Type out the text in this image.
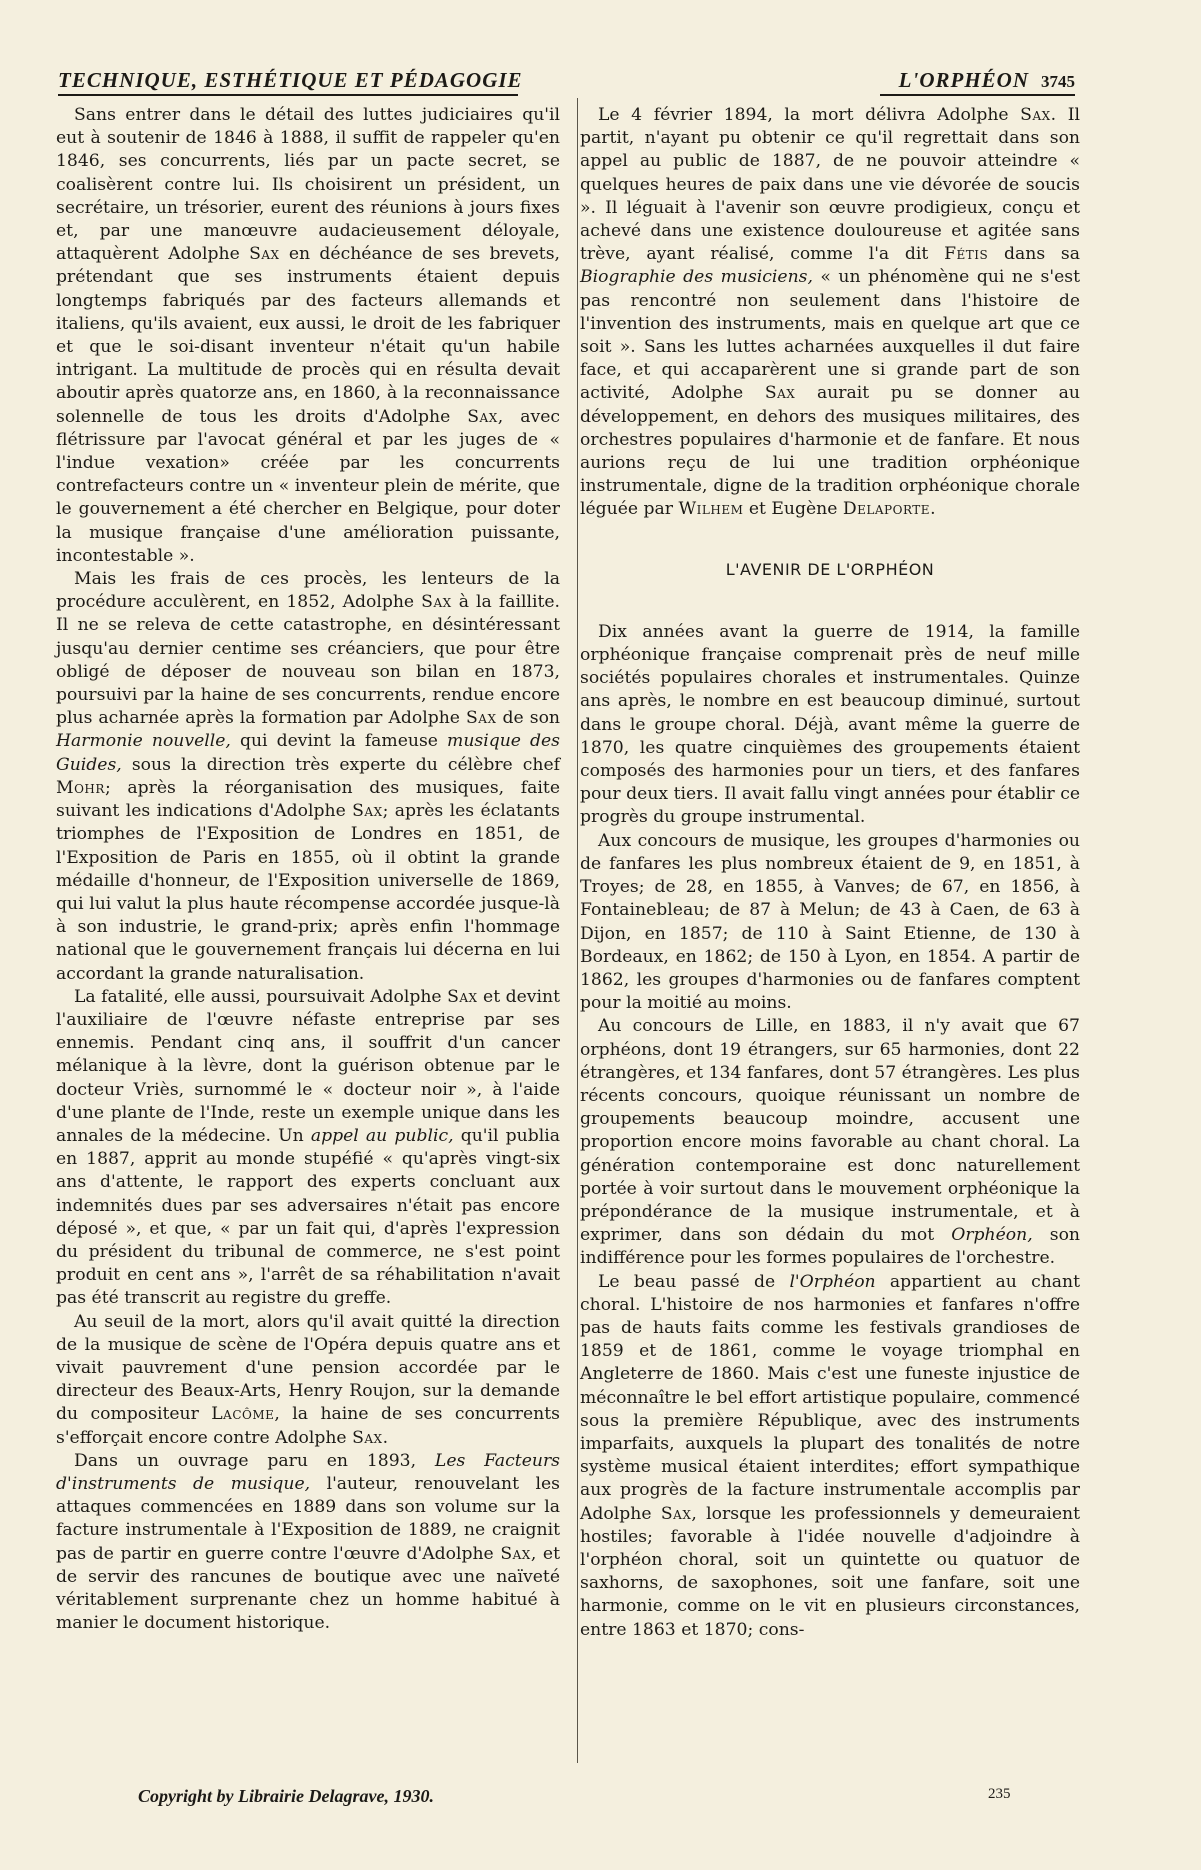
TECHNIQUE, ESTHÉTIQUE ET PÉDAGOGIE	L'ORPHÉON 3745

Sans entrer dans le détail des luttes judiciaires qu'il eut à soutenir de 1846 à 1888, il suffit de rappeler qu'en 1846, ses concurrents, liés par un pacte secret, se coalisèrent contre lui. Ils choisirent un président, un secrétaire, un trésorier, eurent des réunions à jours fixes et, par une manœuvre audacieusement déloyale, attaquèrent Adolphe Sax en déchéance de ses brevets, prétendant que ses instruments étaient depuis longtemps fabriqués par des facteurs allemands et italiens, qu'ils avaient, eux aussi, le droit de les fabriquer et que le soi-disant inventeur n'était qu'un habile intrigant. La multitude de procès qui en résulta devait aboutir après quatorze ans, en 1860, à la reconnaissance solennelle de tous les droits d'Adolphe Sax, avec flétrissure par l'avocat général et par les juges de « l'indue vexation» créée par les concurrents contrefacteurs contre un « inventeur plein de mérite, que le gouvernement a été chercher en Belgique, pour doter la musique française d'une amélioration puissante, incontestable ».

Mais les frais de ces procès, les lenteurs de la procédure acculèrent, en 1852, Adolphe Sax à la faillite. Il ne se releva de cette catastrophe, en désintéressant jusqu'au dernier centime ses créanciers, que pour être obligé de déposer de nouveau son bilan en 1873, poursuivi par la haine de ses concurrents, rendue encore plus acharnée après la formation par Adolphe Sax de son Harmonie nouvelle, qui devint la fameuse musique des Guides, sous la direction très experte du célèbre chef Mohr; après la réorganisation des musiques, faite suivant les indications d'Adolphe Sax; après les éclatants triomphes de l'Exposition de Londres en 1851, de l'Exposition de Paris en 1855, où il obtint la grande médaille d'honneur, de l'Exposition universelle de 1869, qui lui valut la plus haute récompense accordée jusque-là à son industrie, le grand-prix; après enfin l'hommage national que le gouvernement français lui décerna en lui accordant la grande naturalisation.

La fatalité, elle aussi, poursuivait Adolphe Sax et devint l'auxiliaire de l'œuvre néfaste entreprise par ses ennemis. Pendant cinq ans, il souffrit d'un cancer mélanique à la lèvre, dont la guérison obtenue par le docteur Vriès, surnommé le « docteur noir », à l'aide d'une plante de l'Inde, reste un exemple unique dans les annales de la médecine. Un appel au public, qu'il publia en 1887, apprit au monde stupéfié « qu'après vingt-six ans d'attente, le rapport des experts concluant aux indemnités dues par ses adversaires n'était pas encore déposé », et que, « par un fait qui, d'après l'expression du président du tribunal de commerce, ne s'est point produit en cent ans », l'arrêt de sa réhabilitation n'avait pas été transcrit au registre du greffe.

Au seuil de la mort, alors qu'il avait quitté la direction de la musique de scène de l'Opéra depuis quatre ans et vivait pauvrement d'une pension accordée par le directeur des Beaux-Arts, Henry Roujon, sur la demande du compositeur Lacôme, la haine de ses concurrents s'efforçait encore contre Adolphe Sax.

Dans un ouvrage paru en 1893, Les Facteurs d'instruments de musique, l'auteur, renouvelant les attaques commencées en 1889 dans son volume sur la facture instrumentale à l'Exposition de 1889, ne craignit pas de partir en guerre contre l'œuvre d'Adolphe Sax, et de servir des rancunes de boutique avec une naïveté véritablement surprenante chez un homme habitué à manier le document historique.

Le 4 février 1894, la mort délivra Adolphe Sax. Il partit, n'ayant pu obtenir ce qu'il regrettait dans son appel au public de 1887, de ne pouvoir atteindre « quelques heures de paix dans une vie dévorée de soucis ». Il léguait à l'avenir son œuvre prodigieux, conçu et achevé dans une existence douloureuse et agitée sans trève, ayant réalisé, comme l'a dit Fétis dans sa Biographie des musiciens, « un phénomène qui ne s'est pas rencontré non seulement dans l'histoire de l'invention des instruments, mais en quelque art que ce soit ». Sans les luttes acharnées auxquelles il dut faire face, et qui accaparèrent une si grande part de son activité, Adolphe Sax aurait pu se donner au développement, en dehors des musiques militaires, des orchestres populaires d'harmonie et de fanfare. Et nous aurions reçu de lui une tradition orphéonique instrumentale, digne de la tradition orphéonique chorale léguée par Wilhem et Eugène Delaporte.

L'AVENIR DE L'ORPHÉON

Dix années avant la guerre de 1914, la famille orphéonique française comprenait près de neuf mille sociétés populaires chorales et instrumentales. Quinze ans après, le nombre en est beaucoup diminué, surtout dans le groupe choral. Déjà, avant même la guerre de 1870, les quatre cinquièmes des groupements étaient composés des harmonies pour un tiers, et des fanfares pour deux tiers. Il avait fallu vingt années pour établir ce progrès du groupe instrumental.

Aux concours de musique, les groupes d'harmonies ou de fanfares les plus nombreux étaient de 9, en 1851, à Troyes; de 28, en 1855, à Vanves; de 67, en 1856, à Fontainebleau; de 87 à Melun; de 43 à Caen, de 63 à Dijon, en 1857; de 110 à Saint Etienne, de 130 à Bordeaux, en 1862; de 150 à Lyon, en 1854. A partir de 1862, les groupes d'harmonies ou de fanfares comptent pour la moitié au moins.

Au concours de Lille, en 1883, il n'y avait que 67 orphéons, dont 19 étrangers, sur 65 harmonies, dont 22 étrangères, et 134 fanfares, dont 57 étrangères. Les plus récents concours, quoique réunissant un nombre de groupements beaucoup moindre, accusent une proportion encore moins favorable au chant choral. La génération contemporaine est donc naturellement portée à voir surtout dans le mouvement orphéonique la prépondérance de la musique instrumentale, et à exprimer, dans son dédain du mot Orphéon, son indifférence pour les formes populaires de l'orchestre.

Le beau passé de l'Orphéon appartient au chant choral. L'histoire de nos harmonies et fanfares n'offre pas de hauts faits comme les festivals grandioses de 1859 et de 1861, comme le voyage triomphal en Angleterre de 1860. Mais c'est une funeste injustice de méconnaître le bel effort artistique populaire, commencé sous la première République, avec des instruments imparfaits, auxquels la plupart des tonalités de notre système musical étaient interdites; effort sympathique aux progrès de la facture instrumentale accomplis par Adolphe Sax, lorsque les professionnels y demeuraient hostiles; favorable à l'idée nouvelle d'adjoindre à l'orphéon choral, soit un quintette ou quatuor de saxhorns, de saxophones, soit une fanfare, soit une harmonie, comme on le vit en plusieurs circonstances, entre 1863 et 1870; cons-

Copyright by Librairie Delagrave, 1930.	235
